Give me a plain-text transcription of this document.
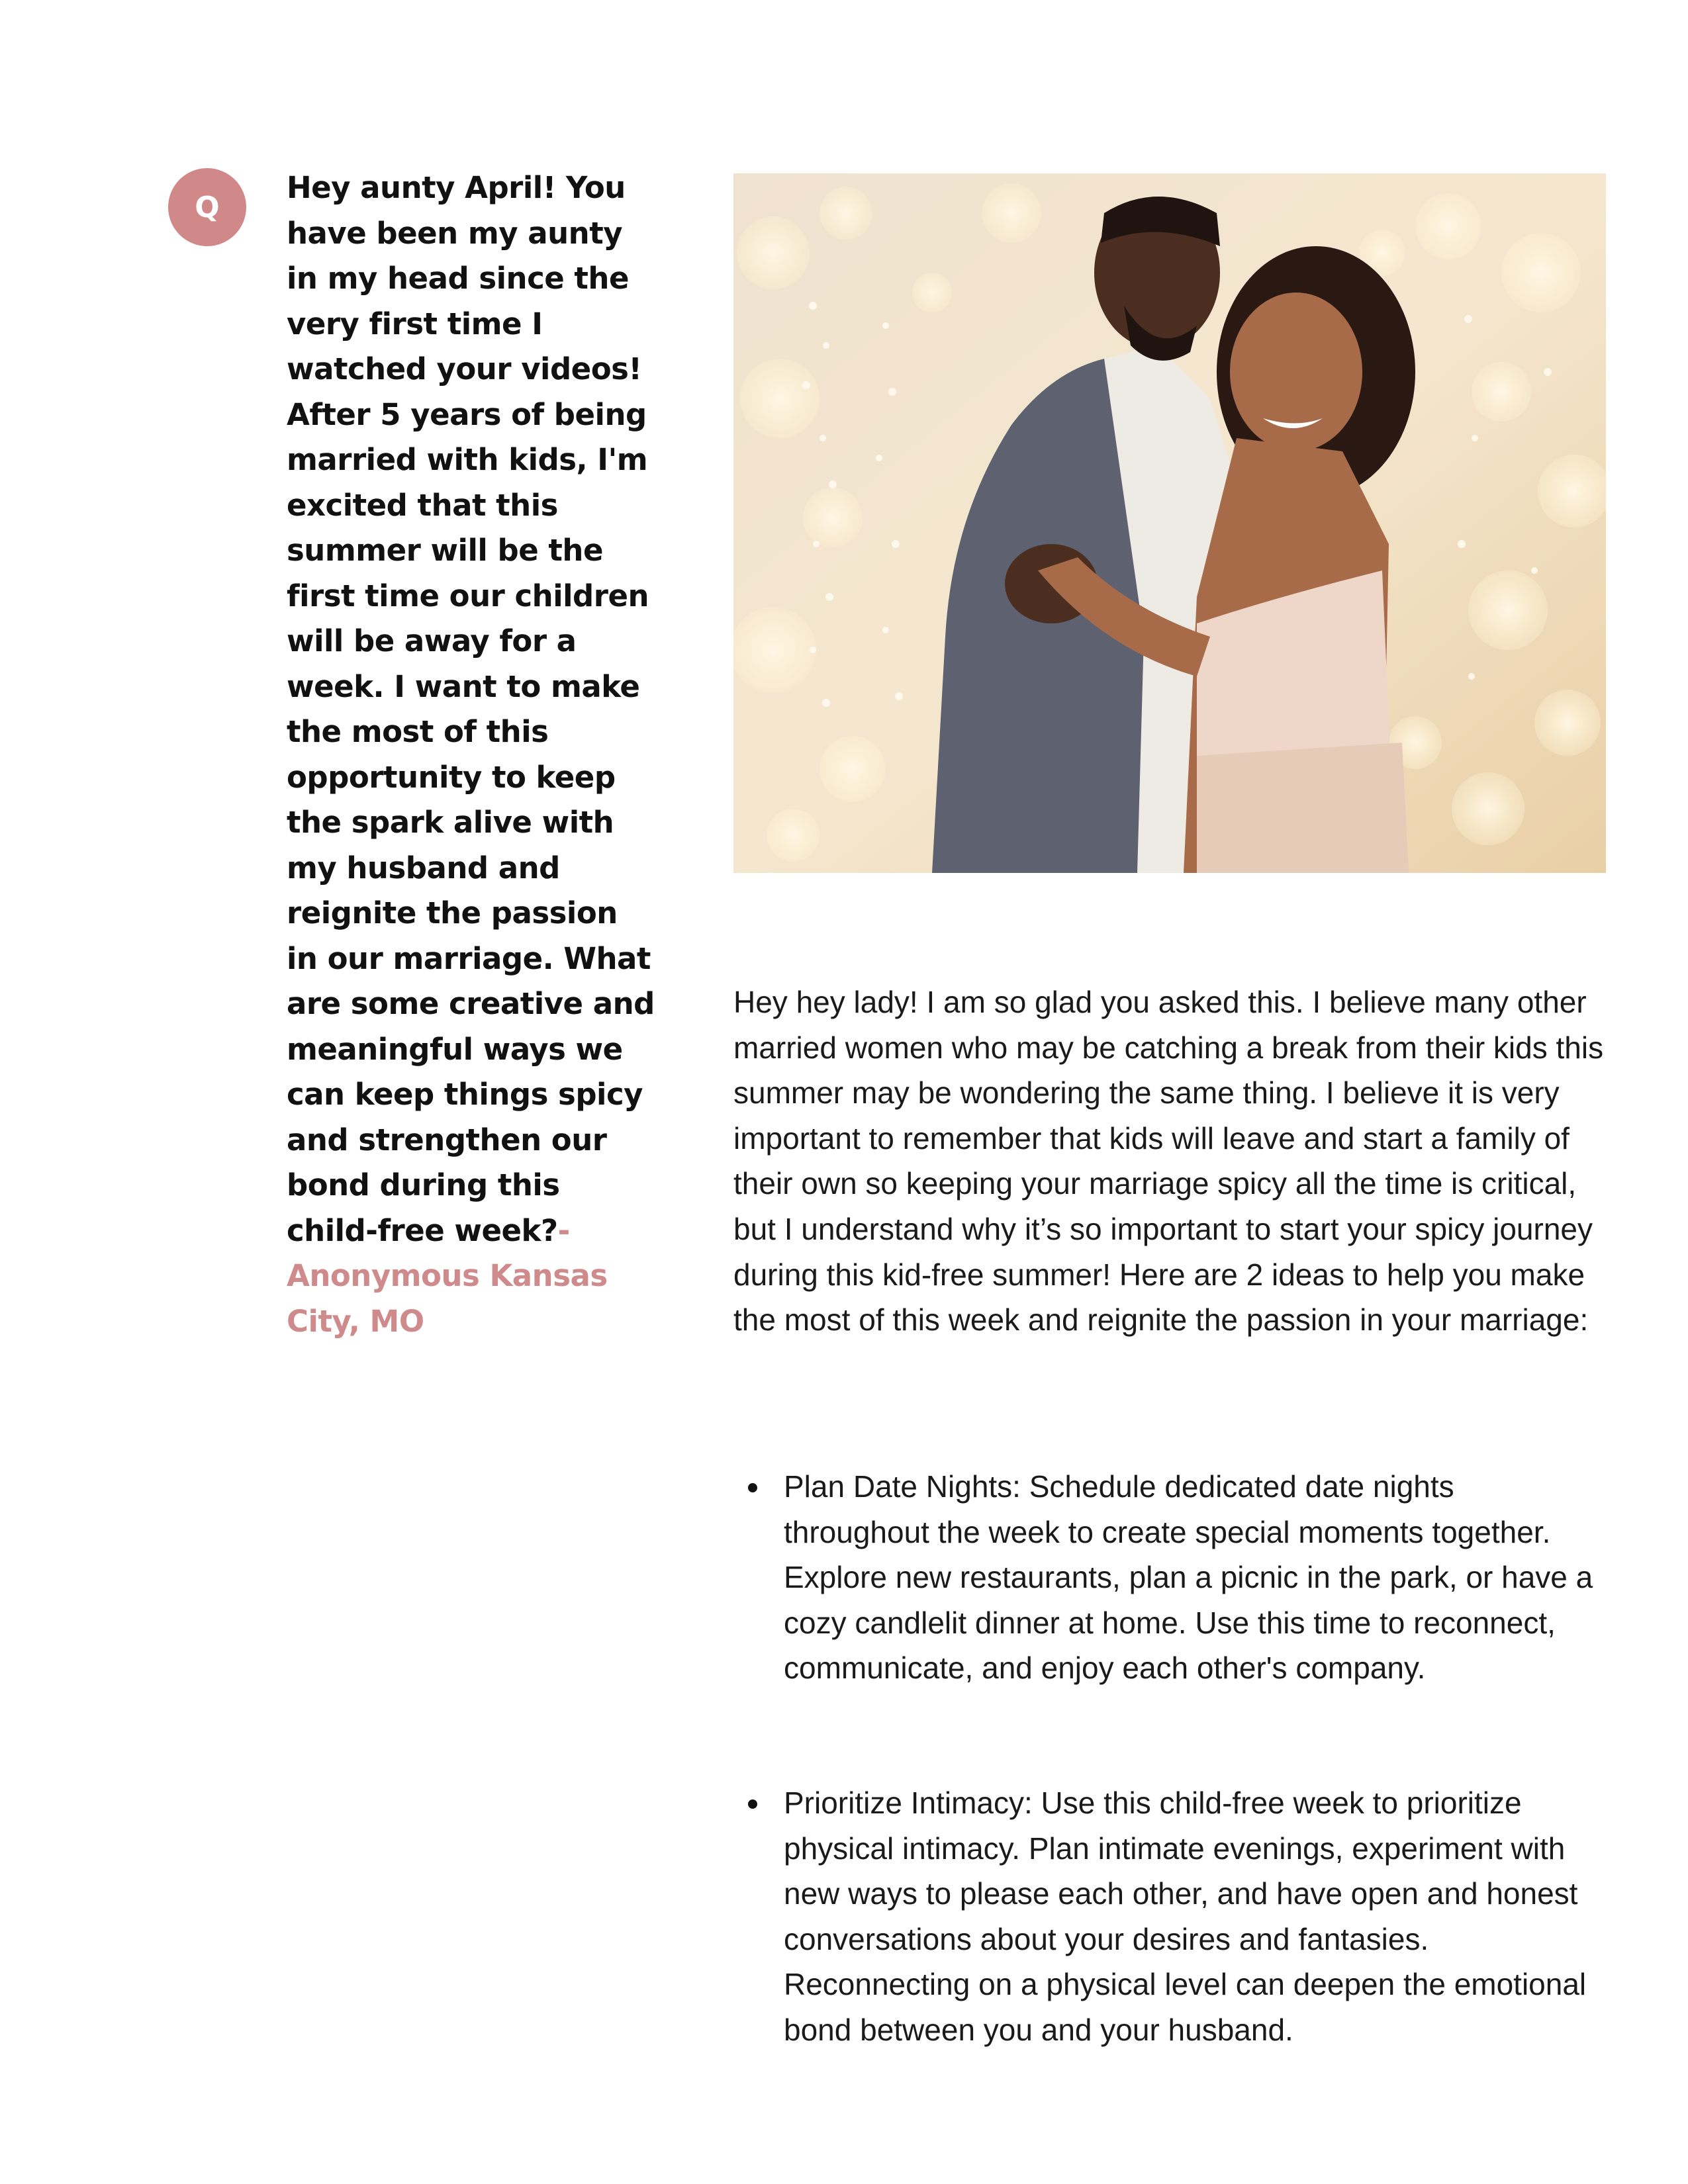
Q

Hey aunty April! You have been my aunty in my head since the very first time I watched your videos! After 5 years of being married with kids, I'm excited that this summer will be the first time our children will be away for a week. I want to make the most of this opportunity to keep the spark alive with my husband and reignite the passion in our marriage. What are some creative and meaningful ways we can keep things spicy and strengthen our bond during this child-free week?- Anonymous Kansas City, MO

Hey hey lady! I am so glad you asked this. I believe many other married women who may be catching a break from their kids this summer may be wondering the same thing. I believe it is very important to remember that kids will leave and start a family of their own so keeping your marriage spicy all the time is critical, but I understand why it’s so important to start your spicy journey during this kid-free summer! Here are 2 ideas to help you make the most of this week and reignite the passion in your marriage:

Plan Date Nights: Schedule dedicated date nights throughout the week to create special moments together. Explore new restaurants, plan a picnic in the park, or have a cozy candlelit dinner at home. Use this time to reconnect, communicate, and enjoy each other's company.
Prioritize Intimacy: Use this child-free week to prioritize physical intimacy. Plan intimate evenings, experiment with new ways to please each other, and have open and honest conversations about your desires and fantasies. Reconnecting on a physical level can deepen the emotional bond between you and your husband.
